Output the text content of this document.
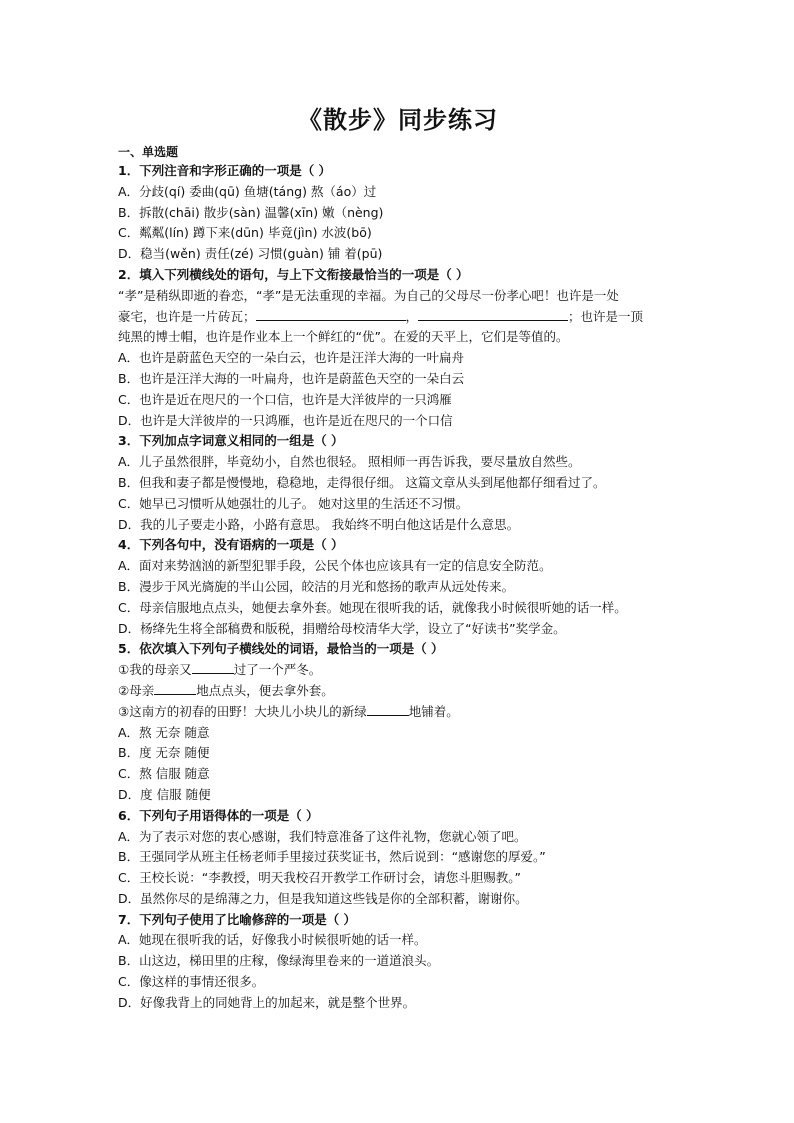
《散步》同步练习
一、单选题
1．下列注音和字形正确的一项是（ ）
A．分歧(qí) 委曲(qū) 鱼塘(táng) 熬（áo）过
B．拆散(chāi) 散步(sàn) 温馨(xīn) 嫩（nèng)
C．粼粼(lín) 蹲下来(dūn) 毕竟(jìn) 水波(bō)
D．稳当(wěn) 责任(zé) 习惯(guàn) 铺 着(pū)
2．填入下列横线处的语句，与上下文衔接最恰当的一项是（ ）
“孝”是稍纵即逝的眷恋，“孝”是无法重现的幸福。为自己的父母尽一份孝心吧！也许是一处
豪宅，也许是一片砖瓦；	，	；也许是一顶
纯黑的博士帽，也许是作业本上一个鲜红的“优”。在爱的天平上，它们是等值的。
A．也许是蔚蓝色天空的一朵白云，也许是汪洋大海的一叶扁舟
B．也许是汪洋大海的一叶扁舟，也许是蔚蓝色天空的一朵白云
C．也许是近在咫尺的一个口信，也许是大洋彼岸的一只鸿雁
D．也许是大洋彼岸的一只鸿雁，也许是近在咫尺的一个口信
3．下列加点字词意义相同的一组是（ ）
A．儿子虽然很胖，毕竟幼小，自然也很轻。 照相师一再告诉我，要尽量放自然些。
B．但我和妻子都是慢慢地，稳稳地，走得很仔细。 这篇文章从头到尾他都仔细看过了。
C．她早已习惯听从她强壮的儿子。 她对这里的生活还不习惯。
D．我的儿子要走小路，小路有意思。 我始终不明白他这话是什么意思。
4．下列各句中，没有语病的一项是（ ）
A．面对来势汹汹的新型犯罪手段，公民个体也应该具有一定的信息安全防范。
B．漫步于风光旖旎的半山公园，皎洁的月光和悠扬的歌声从远处传来。
C．母亲信服地点点头，她便去拿外套。她现在很听我的话，就像我小时候很听她的话一样。
D．杨绛先生将全部稿费和版税，捐赠给母校清华大学，设立了“好读书”奖学金。
5．依次填入下列句子横线处的词语，最恰当的一项是（ ）
①我的母亲又	过了一个严冬。
②母亲	地点点头，便去拿外套。
③这南方的初春的田野！大块儿小块儿的新绿	地铺着。
A．熬 无奈 随意
B．度 无奈 随便
C．熬 信服 随意
D．度 信服 随便
6．下列句子用语得体的一项是（ ）
A．为了表示对您的衷心感谢，我们特意准备了这件礼物，您就心领了吧。
B．王强同学从班主任杨老师手里接过获奖证书，然后说到：“感谢您的厚爱。”
C．王校长说：“李教授，明天我校召开教学工作研讨会，请您斗胆赐教。”
D．虽然你尽的是绵薄之力，但是我知道这些钱是你的全部积蓄，谢谢你。
7．下列句子使用了比喻修辞的一项是（ ）
A．她现在很听我的话，好像我小时候很听她的话一样。
B．山这边，梯田里的庄稼，像绿海里卷来的一道道浪头。
C．像这样的事情还很多。
D．好像我背上的同她背上的加起来，就是整个世界。
